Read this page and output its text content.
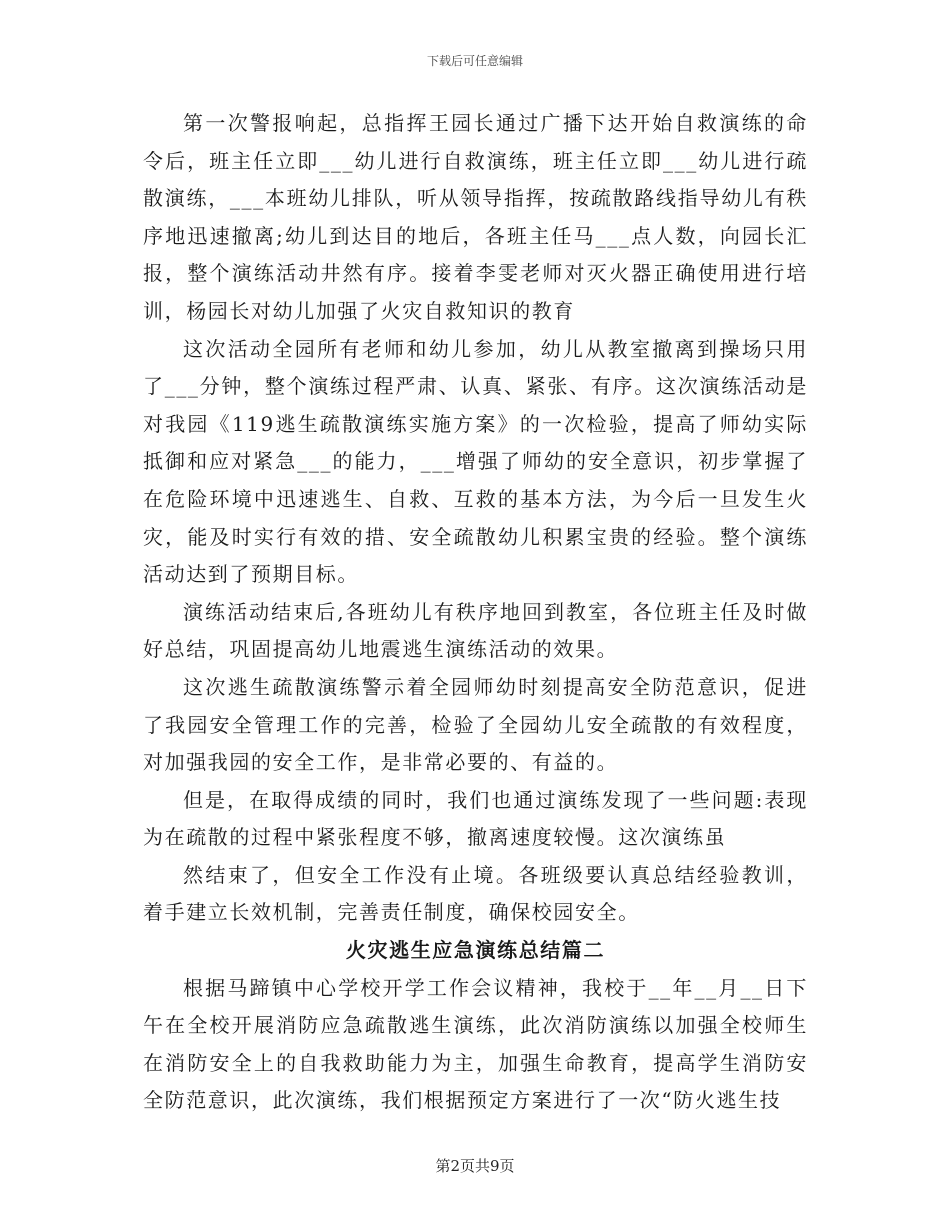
下载后可任意编辑

第一次警报响起，总指挥王园长通过广播下达开始自救演练的命令后，班主任立即___幼儿进行自救演练，班主任立即___幼儿进行疏散演练，___本班幼儿排队，听从领导指挥，按疏散路线指导幼儿有秩序地迅速撤离;幼儿到达目的地后，各班主任马___点人数，向园长汇报，整个演练活动井然有序。接着李雯老师对灭火器正确使用进行培训，杨园长对幼儿加强了火灾自救知识的教育

这次活动全园所有老师和幼儿参加，幼儿从教室撤离到操场只用了___分钟，整个演练过程严肃、认真、紧张、有序。这次演练活动是对我园《119逃生疏散演练实施方案》的一次检验，提高了师幼实际抵御和应对紧急___的能力，___增强了师幼的安全意识，初步掌握了在危险环境中迅速逃生、自救、互救的基本方法，为今后一旦发生火灾，能及时实行有效的措、安全疏散幼儿积累宝贵的经验。整个演练活动达到了预期目标。

演练活动结束后,各班幼儿有秩序地回到教室，各位班主任及时做好总结，巩固提高幼儿地震逃生演练活动的效果。

这次逃生疏散演练警示着全园师幼时刻提高安全防范意识，促进了我园安全管理工作的完善，检验了全园幼儿安全疏散的有效程度，对加强我园的安全工作，是非常必要的、有益的。

但是，在取得成绩的同时，我们也通过演练发现了一些问题:表现为在疏散的过程中紧张程度不够，撤离速度较慢。这次演练虽

然结束了，但安全工作没有止境。各班级要认真总结经验教训，着手建立长效机制，完善责任制度，确保校园安全。

火灾逃生应急演练总结篇二

根据马蹄镇中心学校开学工作会议精神，我校于__年__月__日下午在全校开展消防应急疏散逃生演练，此次消防演练以加强全校师生在消防安全上的自我救助能力为主，加强生命教育，提高学生消防安全防范意识，此次演练，我们根据预定方案进行了一次“防火逃生技

第2页共9页
